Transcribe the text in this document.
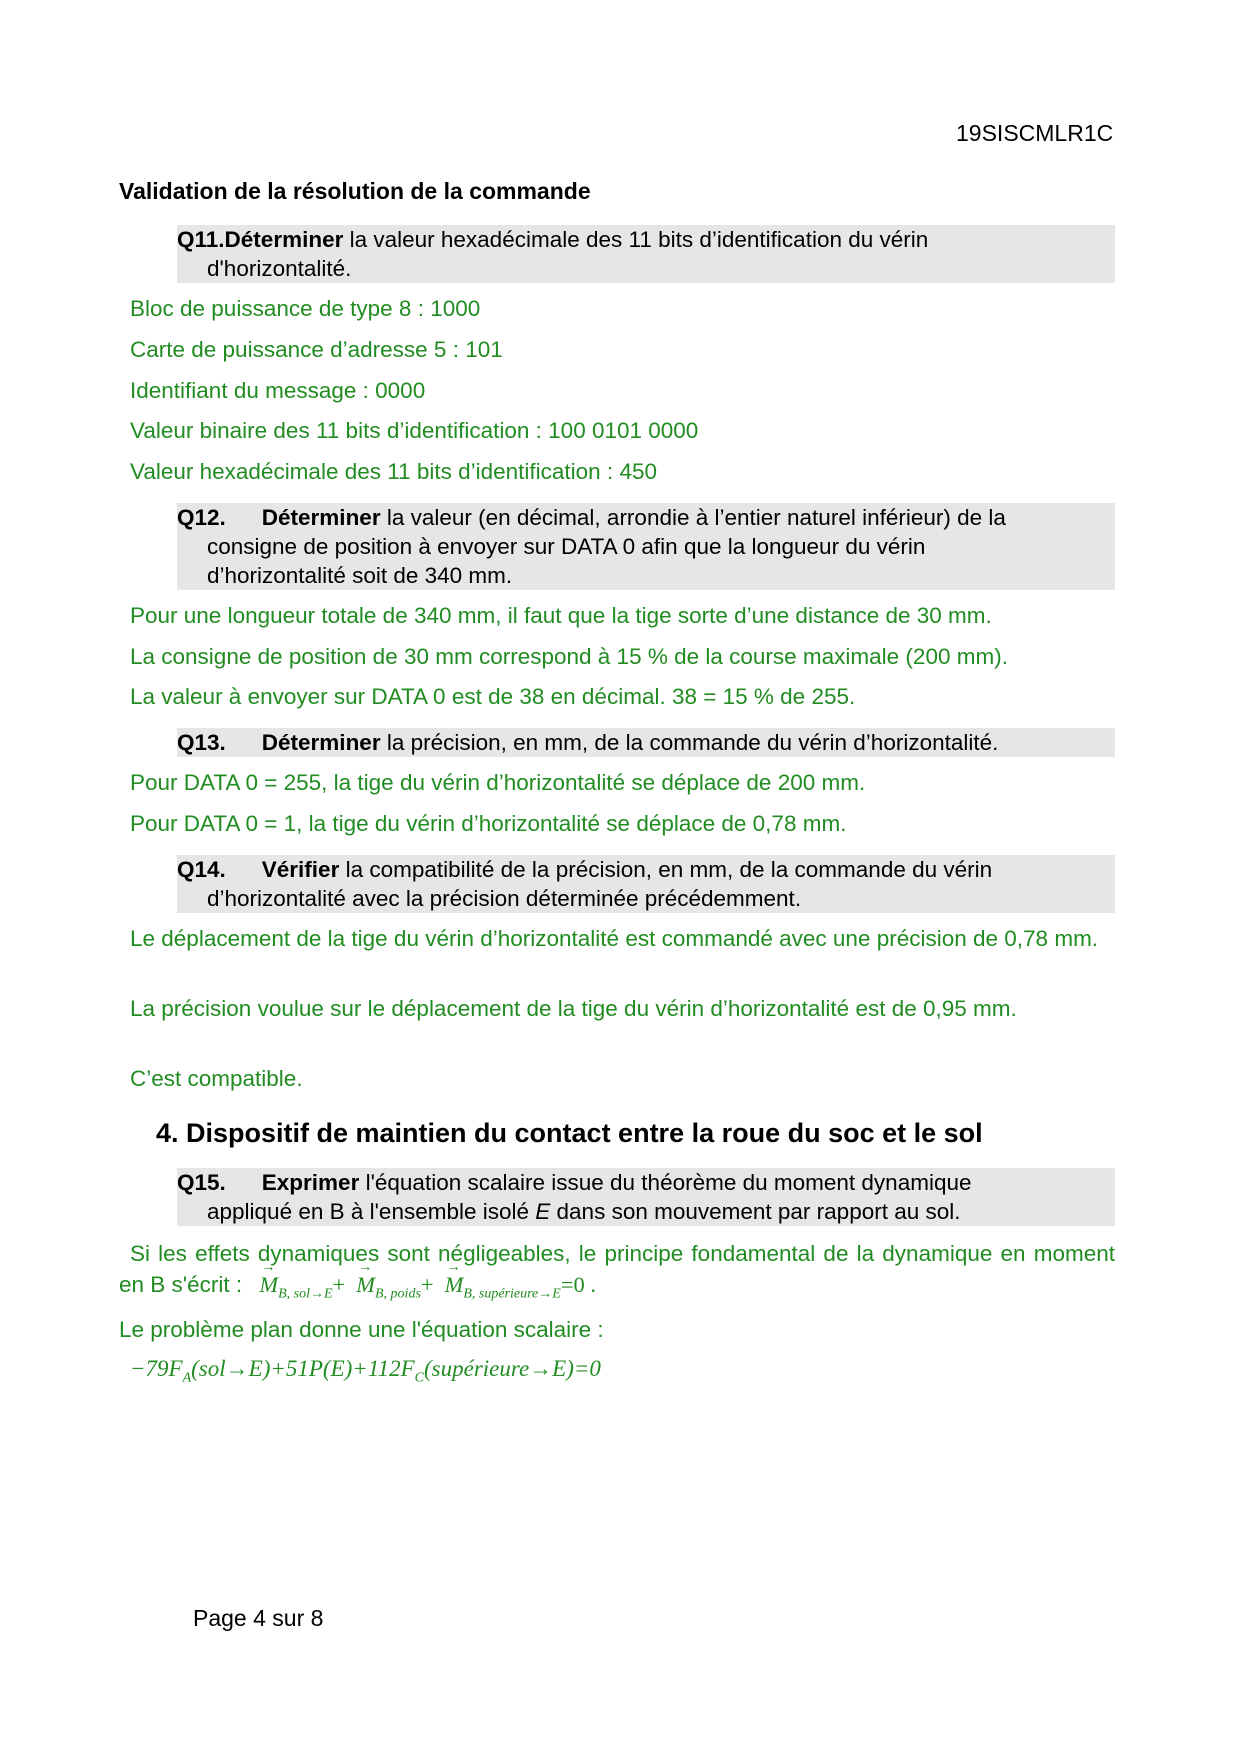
19SISCMLR1C
Validation de la résolution de la commande
Q11.Déterminer la valeur hexadécimale des 11 bits d’identification du vérin
d'horizontalité.
Bloc de puissance de type 8 : 1000
Carte de puissance d’adresse 5 : 101
Identifiant du message : 0000
Valeur binaire des 11 bits d’identification : 100 0101 0000
Valeur hexadécimale des 11 bits d’identification : 450
Q12. Déterminer la valeur (en décimal, arrondie à l’entier naturel inférieur) de la
consigne de position à envoyer sur DATA 0 afin que la longueur du vérin
d’horizontalité soit de 340 mm.
Pour une longueur totale de 340 mm, il faut que la tige sorte d’une distance de 30 mm.
La consigne de position de 30 mm correspond à 15 % de la course maximale (200 mm).
La valeur à envoyer sur DATA 0 est de 38 en décimal. 38 = 15 % de 255.
Q13. Déterminer la précision, en mm, de la commande du vérin d’horizontalité.
Pour DATA 0 = 255, la tige du vérin d’horizontalité se déplace de 200 mm.
Pour DATA 0 = 1, la tige du vérin d’horizontalité se déplace de 0,78 mm.
Q14. Vérifier la compatibilité de la précision, en mm, de la commande du vérin
d’horizontalité avec la précision déterminée précédemment.
Le déplacement de la tige du vérin d’horizontalité est commandé avec une précision de 0,78 mm.
La précision voulue sur le déplacement de la tige du vérin d’horizontalité est de 0,95 mm.
C’est compatible.
4. Dispositif de maintien du contact entre la roue du soc et le sol
Q15. Exprimer l'équation scalaire issue du théorème du moment dynamique
appliqué en B à l'ensemble isolé E dans son mouvement par rapport au sol.
Si les effets dynamiques sont négligeables, le principe fondamental de la dynamique en moment en B s'écrit : → $M_{B, sol\to E}+ \to M_{B, poids}+ \to M_{B, supérieure\to E}=0$ .
Le problème plan donne une l'équation scalaire :
$-79F_A(sol\to E)+51P(E)+112F_C(supérieure\to E)=0$
Page 4 sur 8
